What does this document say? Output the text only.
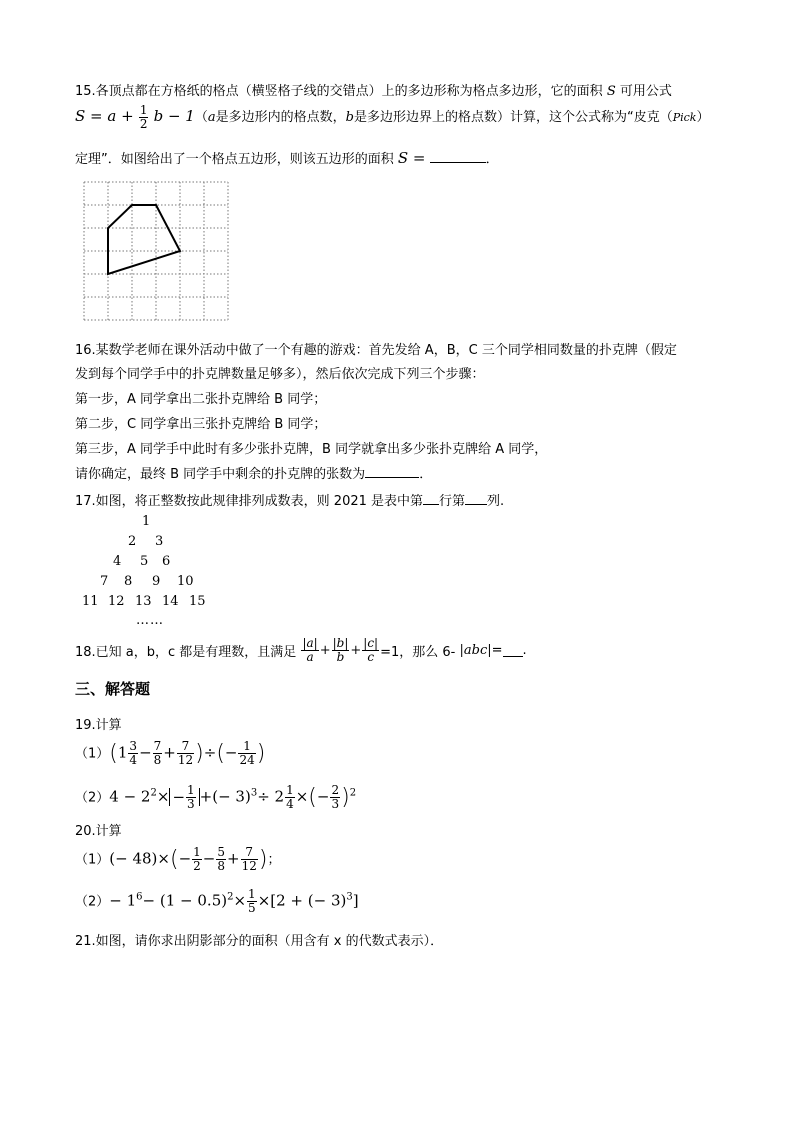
15.各顶点都在方格纸的格点（横竖格子线的交错点）上的多边形称为格点多边形，它的面积 S 可用公式
$S = a + \frac{1}{2}$ b − 1（a是多边形内的格点数，b是多边形边界上的格点数）计算，这个公式称为“皮克（Pick）
定理”．如图给出了一个格点五边形，则该五边形的面积 S =	．
16.某数学老师在课外活动中做了一个有趣的游戏：首先发给 A，B，C 三个同学相同数量的扑克牌（假定
发到每个同学手中的扑克牌数量足够多），然后依次完成下列三个步骤：
第一步，A 同学拿出二张扑克牌给 B 同学；
第二步，C 同学拿出三张扑克牌给 B 同学；
第三步，A 同学手中此时有多少张扑克牌，B 同学就拿出多少张扑克牌给 A 同学，
请你确定，最终 B 同学手中剩余的扑克牌的张数为	．
17.如图，将正整数按此规律排列成数表，则 2021 是表中第 行第 列.
1
2 3
4 5 6
7 8 9 10
11 12 13 14 15
… …
18.已知 a，b，c 都是有理数，且满足 $\frac{|a|}{a} + \frac{|b|}{b} + \frac{|c|}{c} =1$，那么 6- |abc|= .
三、解答题
19.计算
$(1)(1 \frac{3}{4} - \frac{7}{8} + \frac{7}{12}$ )÷(− $\frac{1}{24}$ )
$(2)4 - 2^2\times - \frac{1}{3}$ +(− $3)^3\div 2 \frac{1}{4}$ ×(− $\frac{2}{3} )^2$
20.计算
$(1)(- 48)\times(- \frac{1}{2} - \frac{5}{8} + \frac{7}{12}$ )；
$(2)- 1^6- (1 - 0.5)^2\times \frac{1}{5} \times[2$ + (− 3)$^3$]
21.如图，请你求出阴影部分的面积（用含有 x 的代数式表示）．
